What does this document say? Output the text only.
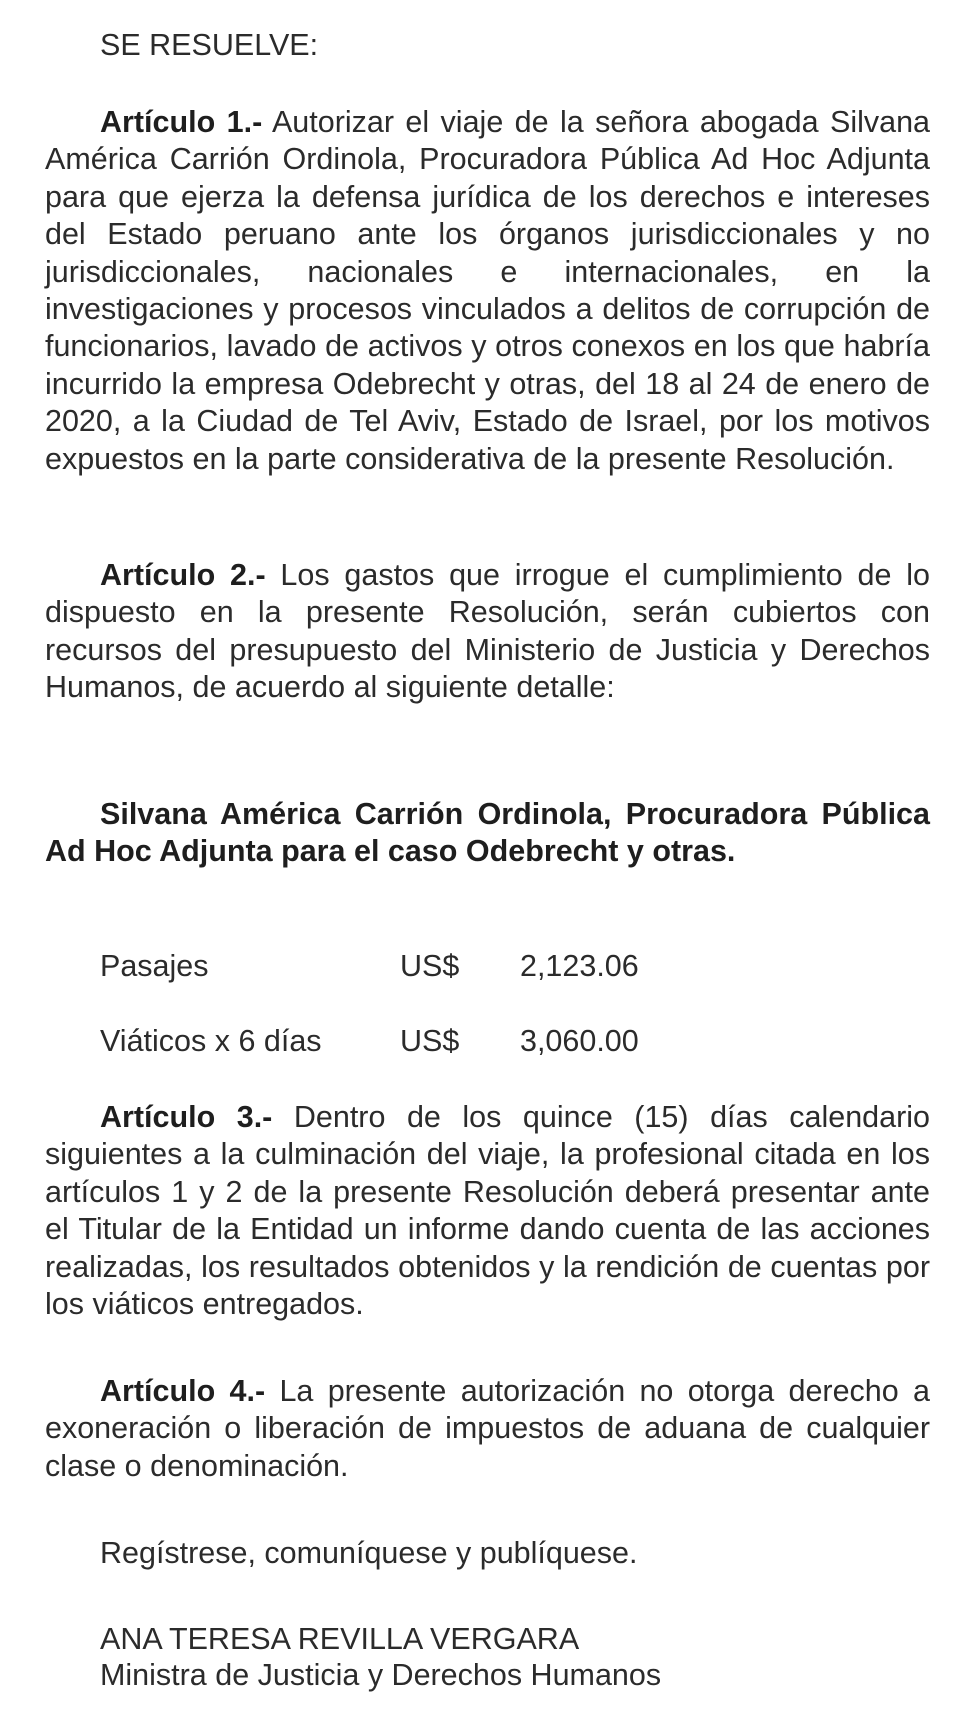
SE RESUELVE:

Artículo 1.- Autorizar el viaje de la señora abogada Silvana América Carrión Ordinola, Procuradora Pública Ad Hoc Adjunta para que ejerza la defensa jurídica de los derechos e intereses del Estado peruano ante los órganos jurisdiccionales y no jurisdiccionales, nacionales e internacionales, en la investigaciones y procesos vinculados a delitos de corrupción de funcionarios, lavado de activos y otros conexos en los que habría incurrido la empresa Odebrecht y otras, del 18 al 24 de enero de 2020, a la Ciudad de Tel Aviv, Estado de Israel, por los motivos expuestos en la parte considerativa de la presente Resolución.

Artículo 2.- Los gastos que irrogue el cumplimiento de lo dispuesto en la presente Resolución, serán cubiertos con recursos del presupuesto del Ministerio de Justicia y Derechos Humanos, de acuerdo al siguiente detalle:

Silvana América Carrión Ordinola, Procuradora Pública Ad Hoc Adjunta para el caso Odebrecht y otras.

Pasajes	US$ 2,123.06
Viáticos x 6 días	US$ 3,060.00

Artículo 3.- Dentro de los quince (15) días calendario siguientes a la culminación del viaje, la profesional citada en los artículos 1 y 2 de la presente Resolución deberá presentar ante el Titular de la Entidad un informe dando cuenta de las acciones realizadas, los resultados obtenidos y la rendición de cuentas por los viáticos entregados.

Artículo 4.- La presente autorización no otorga derecho a exoneración o liberación de impuestos de aduana de cualquier clase o denominación.

Regístrese, comuníquese y publíquese.

ANA TERESA REVILLA VERGARA

Ministra de Justicia y Derechos Humanos
